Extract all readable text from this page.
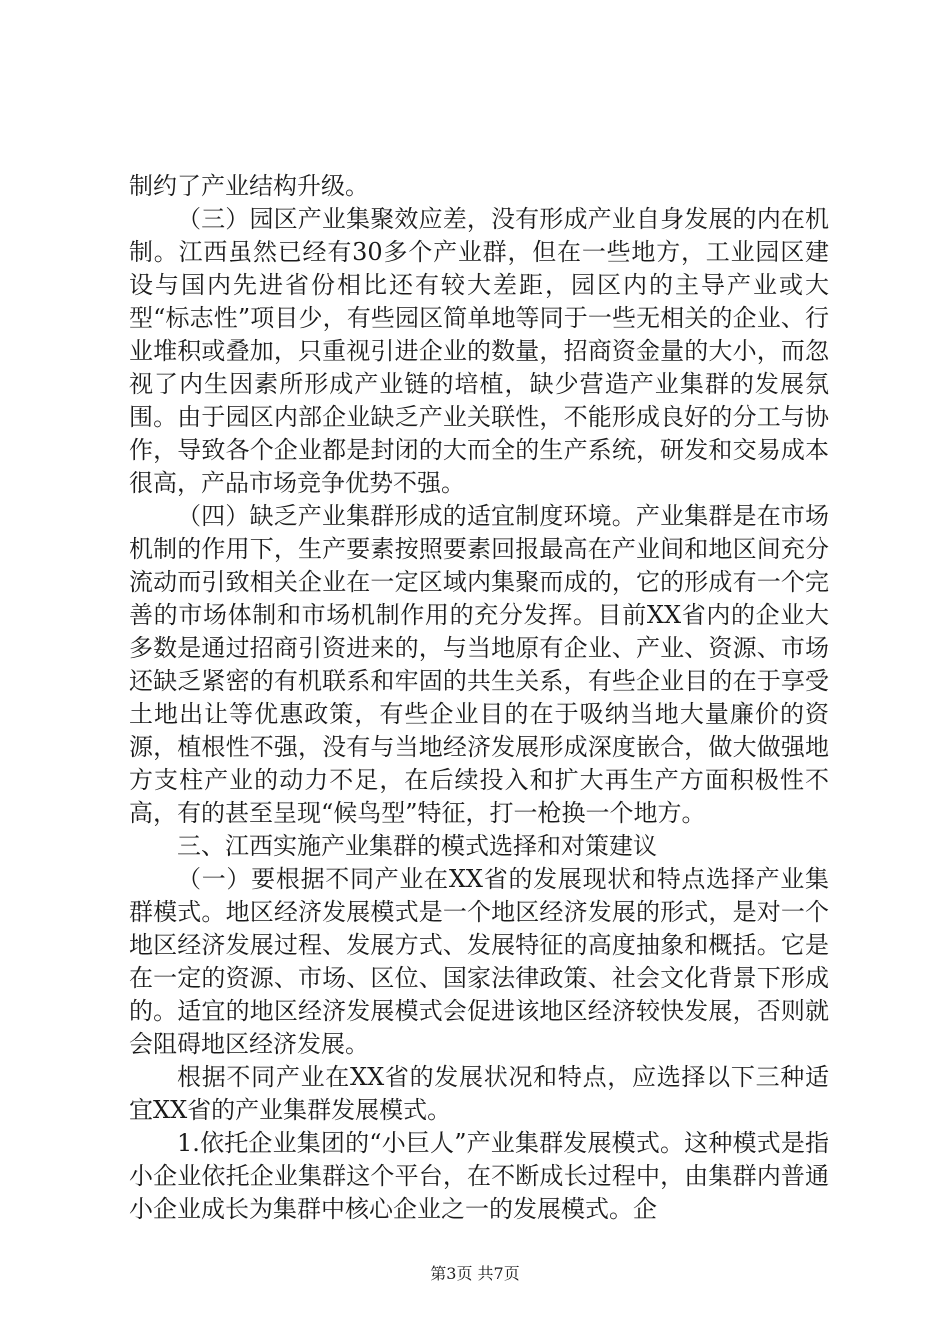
制约了产业结构升级。

（三）园区产业集聚效应差，没有形成产业自身发展的内在机制。江西虽然已经有30多个产业群，但在一些地方，工业园区建设与国内先进省份相比还有较大差距，园区内的主导产业或大型“标志性”项目少，有些园区简单地等同于一些无相关的企业、行业堆积或叠加，只重视引进企业的数量，招商资金量的大小，而忽视了内生因素所形成产业链的培植，缺少营造产业集群的发展氛围。由于园区内部企业缺乏产业关联性，不能形成良好的分工与协作，导致各个企业都是封闭的大而全的生产系统，研发和交易成本很高，产品市场竞争优势不强。

（四）缺乏产业集群形成的适宜制度环境。产业集群是在市场机制的作用下，生产要素按照要素回报最高在产业间和地区间充分流动而引致相关企业在一定区域内集聚而成的，它的形成有一个完善的市场体制和市场机制作用的充分发挥。目前XX省内的企业大多数是通过招商引资进来的，与当地原有企业、产业、资源、市场还缺乏紧密的有机联系和牢固的共生关系，有些企业目的在于享受土地出让等优惠政策，有些企业目的在于吸纳当地大量廉价的资源，植根性不强，没有与当地经济发展形成深度嵌合，做大做强地方支柱产业的动力不足，在后续投入和扩大再生产方面积极性不高，有的甚至呈现“候鸟型”特征，打一枪换一个地方。

三、江西实施产业集群的模式选择和对策建议

（一）要根据不同产业在XX省的发展现状和特点选择产业集群模式。地区经济发展模式是一个地区经济发展的形式，是对一个地区经济发展过程、发展方式、发展特征的高度抽象和概括。它是在一定的资源、市场、区位、国家法律政策、社会文化背景下形成的。适宜的地区经济发展模式会促进该地区经济较快发展，否则就会阻碍地区经济发展。

根据不同产业在XX省的发展状况和特点，应选择以下三种适宜XX省的产业集群发展模式。

1.依托企业集团的“小巨人”产业集群发展模式。这种模式是指小企业依托企业集群这个平台，在不断成长过程中，由集群内普通小企业成长为集群中核心企业之一的发展模式。企

第3页 共7页
